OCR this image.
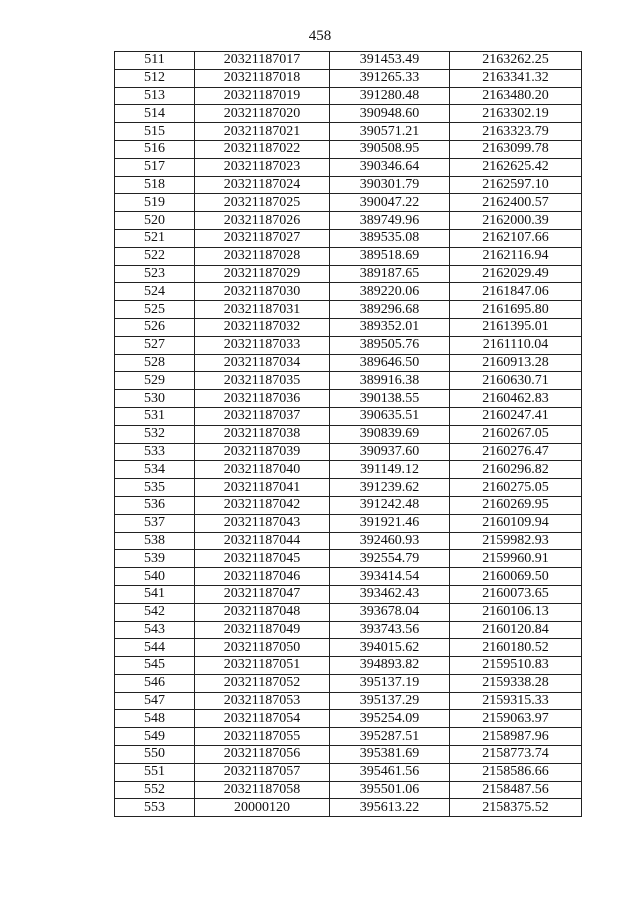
458
511	20321187017	391453.49	2163262.25
512	20321187018	391265.33	2163341.32
513	20321187019	391280.48	2163480.20
514	20321187020	390948.60	2163302.19
515	20321187021	390571.21	2163323.79
516	20321187022	390508.95	2163099.78
517	20321187023	390346.64	2162625.42
518	20321187024	390301.79	2162597.10
519	20321187025	390047.22	2162400.57
520	20321187026	389749.96	2162000.39
521	20321187027	389535.08	2162107.66
522	20321187028	389518.69	2162116.94
523	20321187029	389187.65	2162029.49
524	20321187030	389220.06	2161847.06
525	20321187031	389296.68	2161695.80
526	20321187032	389352.01	2161395.01
527	20321187033	389505.76	2161110.04
528	20321187034	389646.50	2160913.28
529	20321187035	389916.38	2160630.71
530	20321187036	390138.55	2160462.83
531	20321187037	390635.51	2160247.41
532	20321187038	390839.69	2160267.05
533	20321187039	390937.60	2160276.47
534	20321187040	391149.12	2160296.82
535	20321187041	391239.62	2160275.05
536	20321187042	391242.48	2160269.95
537	20321187043	391921.46	2160109.94
538	20321187044	392460.93	2159982.93
539	20321187045	392554.79	2159960.91
540	20321187046	393414.54	2160069.50
541	20321187047	393462.43	2160073.65
542	20321187048	393678.04	2160106.13
543	20321187049	393743.56	2160120.84
544	20321187050	394015.62	2160180.52
545	20321187051	394893.82	2159510.83
546	20321187052	395137.19	2159338.28
547	20321187053	395137.29	2159315.33
548	20321187054	395254.09	2159063.97
549	20321187055	395287.51	2158987.96
550	20321187056	395381.69	2158773.74
551	20321187057	395461.56	2158586.66
552	20321187058	395501.06	2158487.56
553	20000120	395613.22	2158375.52
